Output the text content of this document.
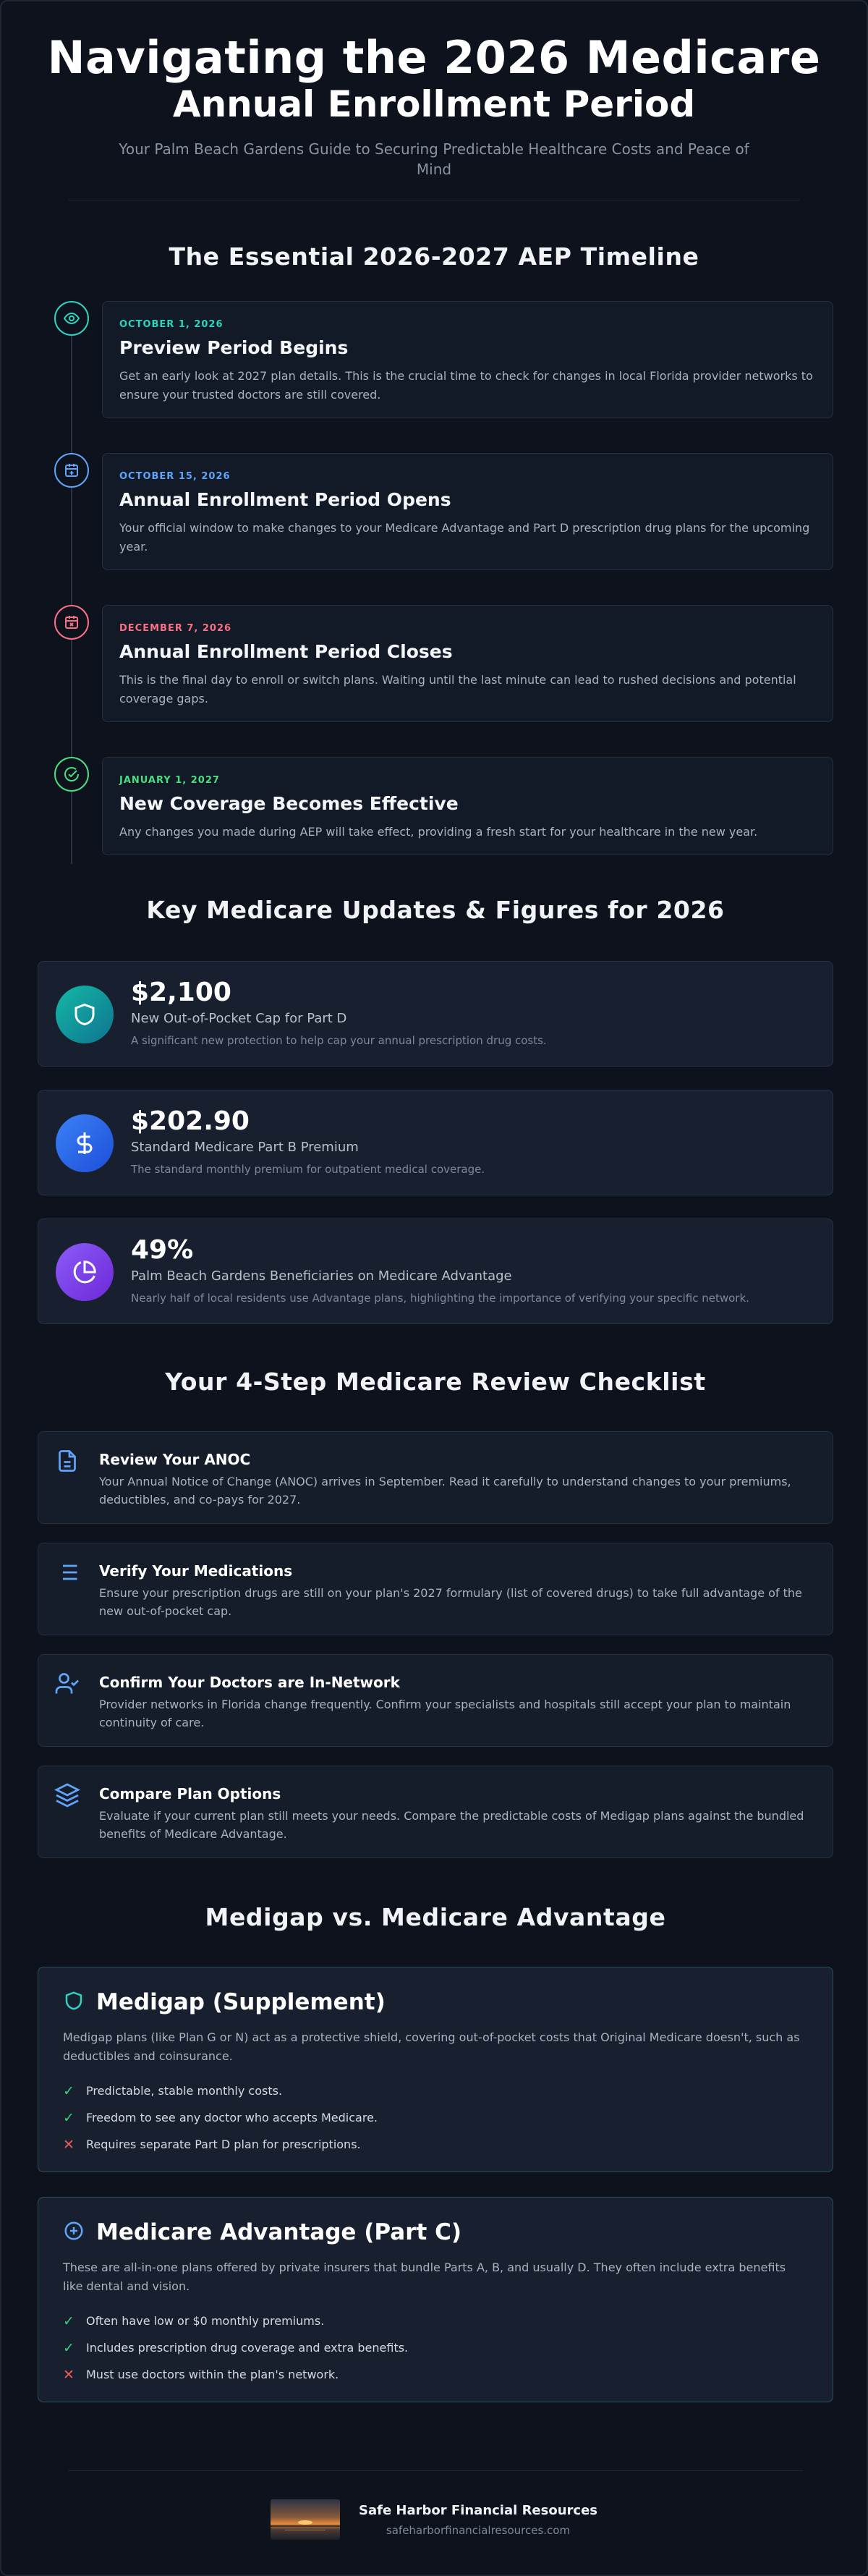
Navigating the 2026 Medicare
Annual Enrollment Period
Your Palm Beach Gardens Guide to Securing Predictable Healthcare Costs and Peace of Mind
The Essential 2026-2027 AEP Timeline
OCTOBER 1, 2026
Preview Period Begins
Get an early look at 2027 plan details. This is the crucial time to check for changes in local Florida provider networks to ensure your trusted doctors are still covered.
OCTOBER 15, 2026
Annual Enrollment Period Opens
Your official window to make changes to your Medicare Advantage and Part D prescription drug plans for the upcoming year.
DECEMBER 7, 2026
Annual Enrollment Period Closes
This is the final day to enroll or switch plans. Waiting until the last minute can lead to rushed decisions and potential coverage gaps.
JANUARY 1, 2027
New Coverage Becomes Effective
Any changes you made during AEP will take effect, providing a fresh start for your healthcare in the new year.
Key Medicare Updates & Figures for 2026
$2,100
New Out-of-Pocket Cap for Part D
A significant new protection to help cap your annual prescription drug costs.
$202.90
Standard Medicare Part B Premium
The standard monthly premium for outpatient medical coverage.
49%
Palm Beach Gardens Beneficiaries on Medicare Advantage
Nearly half of local residents use Advantage plans, highlighting the importance of verifying your specific network.
Your 4-Step Medicare Review Checklist
Review Your ANOC
Your Annual Notice of Change (ANOC) arrives in September. Read it carefully to understand changes to your premiums, deductibles, and co-pays for 2027.
Verify Your Medications
Ensure your prescription drugs are still on your plan's 2027 formulary (list of covered drugs) to take full advantage of the new out-of-pocket cap.
Confirm Your Doctors are In-Network
Provider networks in Florida change frequently. Confirm your specialists and hospitals still accept your plan to maintain continuity of care.
Compare Plan Options
Evaluate if your current plan still meets your needs. Compare the predictable costs of Medigap plans against the bundled benefits of Medicare Advantage.
Medigap vs. Medicare Advantage
Medigap (Supplement)
Medigap plans (like Plan G or N) act as a protective shield, covering out-of-pocket costs that Original Medicare doesn't, such as deductibles and coinsurance.
✓	Predictable, stable monthly costs.
✓	Freedom to see any doctor who accepts Medicare.
✕	Requires separate Part D plan for prescriptions.
Medicare Advantage (Part C)
These are all-in-one plans offered by private insurers that bundle Parts A, B, and usually D. They often include extra benefits like dental and vision.
✓	Often have low or $0 monthly premiums.
✓	Includes prescription drug coverage and extra benefits.
✕	Must use doctors within the plan's network.
Safe Harbor Financial Resources
safeharborfinancialresources.com
